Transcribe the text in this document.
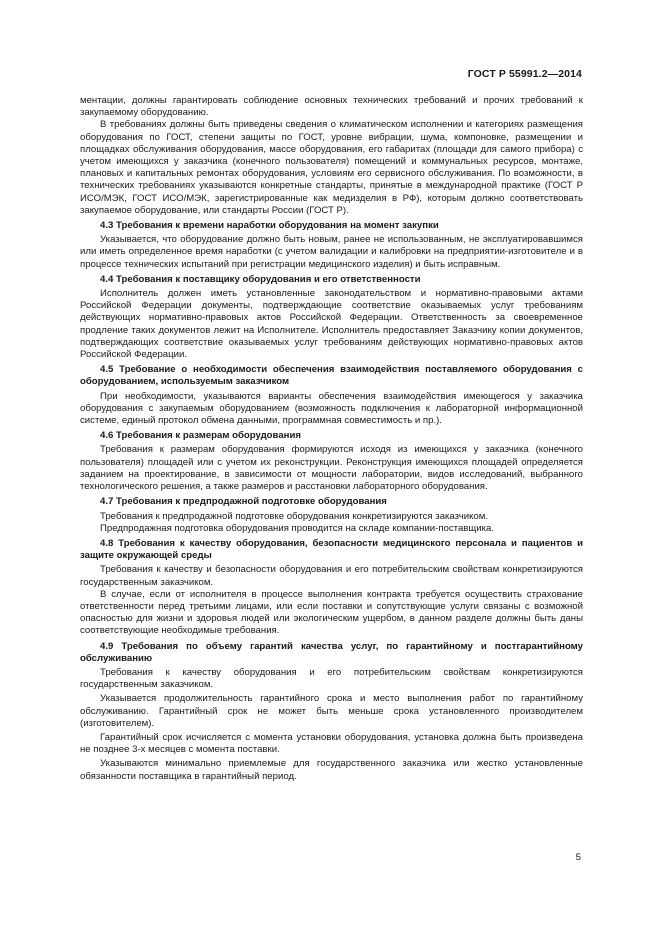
ГОСТ Р 55991.2—2014

ментации, должны гарантировать соблюдение основных технических требований и прочих требований к закупаемому оборудованию.

В требованиях должны быть приведены сведения о климатическом исполнении и категориях размещения оборудования по ГОСТ, степени защиты по ГОСТ, уровне вибрации, шума, компоновке, размещении и площадках обслуживания оборудования, массе оборудования, его габаритах (площади для самого прибора) с учетом имеющихся у заказчика (конечного пользователя) помещений и коммунальных ресурсов, монтаже, плановых и капитальных ремонтах оборудования, условиям его сервисного обслуживания. По возможности, в технических требованиях указываются конкретные стандарты, принятые в международной практике (ГОСТ Р ИСО/МЭК, ГОСТ ИСО/МЭК, зарегистрированные как медизделия в РФ), которым должно соответствовать закупаемое оборудование, или стандарты России (ГОСТ Р).

4.3 Требования к времени наработки оборудования на момент закупки

Указывается, что оборудование должно быть новым, ранее не использованным, не эксплуатировавшимся или иметь определенное время наработки (с учетом валидации и калибровки на предприятии-изготовителе и в процессе технических испытаний при регистрации медицинского изделия) и быть исправным.

4.4 Требования к поставщику оборудования и его ответственности

Исполнитель должен иметь установленные законодательством и нормативно-правовыми актами Российской Федерации документы, подтверждающие соответствие оказываемых услуг требованиям действующих нормативно-правовых актов Российской Федерации. Ответственность за своевременное продление таких документов лежит на Исполнителе. Исполнитель предоставляет Заказчику копии документов, подтверждающих соответствие оказываемых услуг требованиям действующих нормативно-правовых актов Российской Федерации.

4.5 Требование о необходимости обеспечения взаимодействия поставляемого оборудования с оборудованием, используемым заказчиком

При необходимости, указываются варианты обеспечения взаимодействия имеющегося у заказчика оборудования с закупаемым оборудованием (возможность подключения к лабораторной информационной системе, единый протокол обмена данными, программная совместимость и пр.).

4.6 Требования к размерам оборудования

Требования к размерам оборудования формируются исходя из имеющихся у заказчика (конечного пользователя) площадей или с учетом их реконструкции. Реконструкция имеющихся площадей определяется заданием на проектирование, в зависимости от мощности лаборатории, видов исследований, выбранного технологического решения, а также размеров и расстановки лабораторного оборудования.

4.7 Требования к предпродажной подготовке оборудования

Требования к предпродажной подготовке оборудования конкретизируются заказчиком.

Предпродажная подготовка оборудования проводится на складе компании-поставщика.

4.8 Требования к качеству оборудования, безопасности медицинского персонала и пациентов и защите окружающей среды

Требования к качеству и безопасности оборудования и его потребительским свойствам конкретизируются государственным заказчиком.

В случае, если от исполнителя в процессе выполнения контракта требуется осуществить страхование ответственности перед третьими лицами, или если поставки и сопутствующие услуги связаны с возможной опасностью для жизни и здоровья людей или экологическим ущербом, в данном разделе должны быть даны соответствующие необходимые требования.

4.9 Требования по объему гарантий качества услуг, по гарантийному и постгарантийному обслуживанию

Требования к качеству оборудования и его потребительским свойствам конкретизируются государственным заказчиком.

Указывается продолжительность гарантийного срока и место выполнения работ по гарантийному обслуживанию. Гарантийный срок не может быть меньше срока установленного производителем (изготовителем).

Гарантийный срок исчисляется с момента установки оборудования, установка должна быть произведена не позднее 3-х месяцев с момента поставки.

Указываются минимально приемлемые для государственного заказчика или жестко установленные обязанности поставщика в гарантийный период.

5
